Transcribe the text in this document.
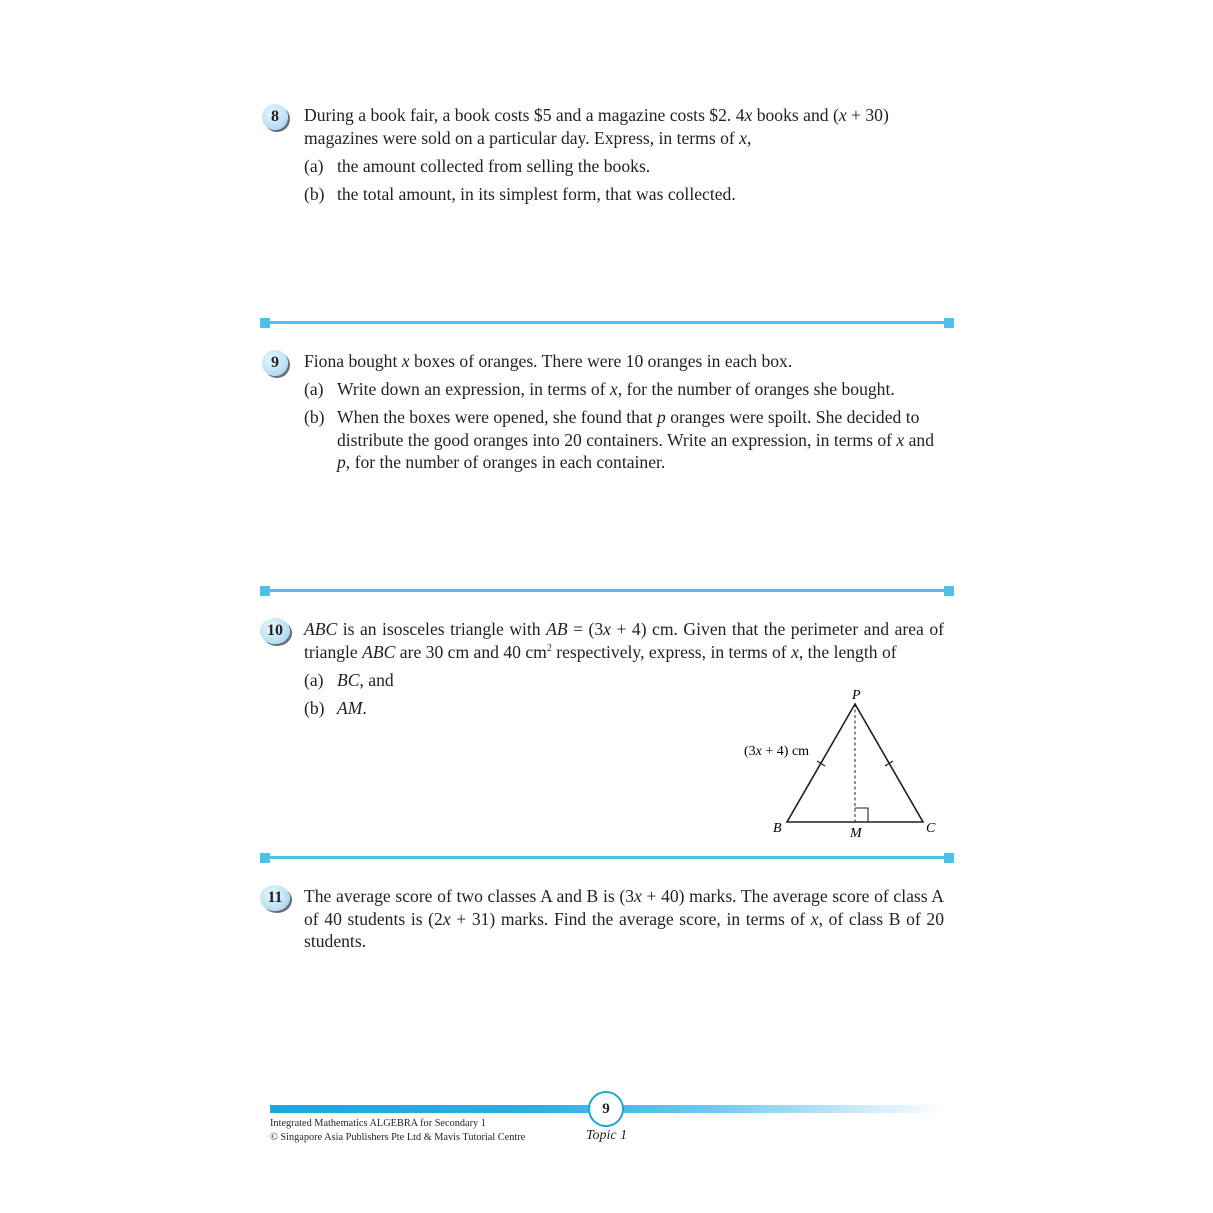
8	During a book fair, a book costs $5 and a magazine costs $2. 4x books and (x + 30)
magazines were sold on a particular day. Express, in terms of x,

(a) the amount collected from selling the books.
(b) the total amount, in its simplest form, that was collected.
9	Fiona bought x boxes of oranges. There were 10 oranges in each box.

(a) Write down an expression, in terms of x, for the number of oranges she bought.
(b) When the boxes were opened, she found that p oranges were spoilt. She decided to distribute the good oranges into 20 containers. Write an expression, in terms of x and p, for the number of oranges in each container.
10	ABC is an isosceles triangle with AB = (3x + 4) cm. Given that the perimeter and area of triangle ABC are 30 cm and 40 $cm^2$ respectively, express, in terms of x, the length of

(a) BC, and
(b) AM.
P
B	C
M
(3x + 4) cm
11	The average score of two classes A and B is (3x + 40) marks. The average score of class A of 40 students is (2x + 31) marks. Find the average score, in terms of x, of class B of 20 students.

9
Integrated Mathematics ALGEBRA for Secondary 1
© Singapore Asia Publishers Pte Ltd & Mavis Tutorial Centre	Topic 1
